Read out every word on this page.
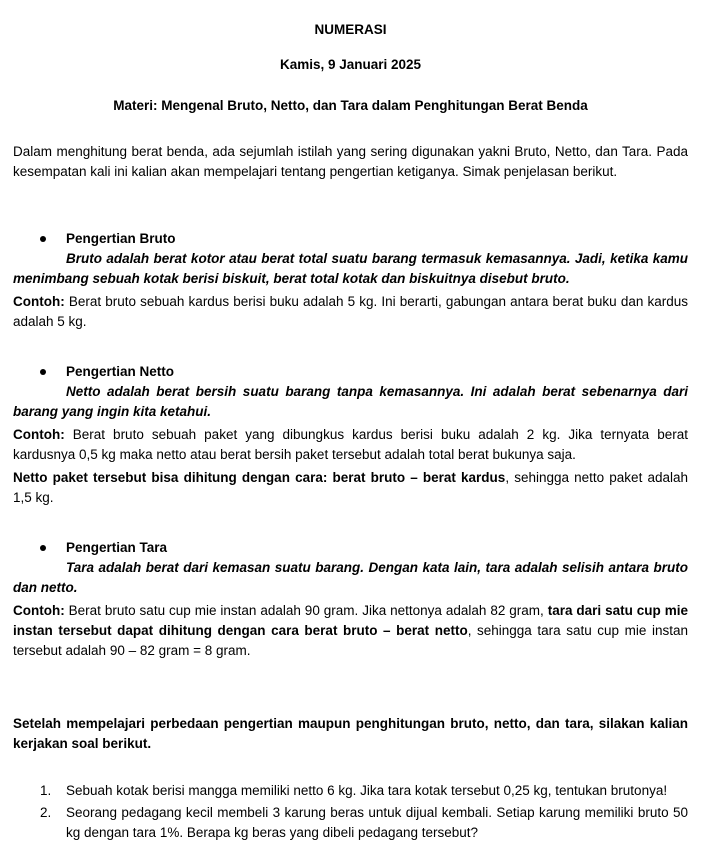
NUMERASI
Kamis, 9 Januari 2025
Materi: Mengenal Bruto, Netto, dan Tara dalam Penghitungan Berat Benda
Dalam menghitung berat benda, ada sejumlah istilah yang sering digunakan yakni Bruto, Netto, dan Tara. Pada kesempatan kali ini kalian akan mempelajari tentang pengertian ketiganya. Simak penjelasan berikut.
Pengertian Bruto
Bruto adalah berat kotor atau berat total suatu barang termasuk kemasannya. Jadi, ketika kamu menimbang sebuah kotak berisi biskuit, berat total kotak dan biskuitnya disebut bruto.
Contoh: Berat bruto sebuah kardus berisi buku adalah 5 kg. Ini berarti, gabungan antara berat buku dan kardus adalah 5 kg.
Pengertian Netto
Netto adalah berat bersih suatu barang tanpa kemasannya. Ini adalah berat sebenarnya dari barang yang ingin kita ketahui.
Contoh: Berat bruto sebuah paket yang dibungkus kardus berisi buku adalah 2 kg. Jika ternyata berat kardusnya 0,5 kg maka netto atau berat bersih paket tersebut adalah total berat bukunya saja.
Netto paket tersebut bisa dihitung dengan cara: berat bruto – berat kardus, sehingga netto paket adalah 1,5 kg.
Pengertian Tara
Tara adalah berat dari kemasan suatu barang. Dengan kata lain, tara adalah selisih antara bruto dan netto.
Contoh: Berat bruto satu cup mie instan adalah 90 gram. Jika nettonya adalah 82 gram, tara dari satu cup mie instan tersebut dapat dihitung dengan cara berat bruto – berat netto, sehingga tara satu cup mie instan tersebut adalah 90 – 82 gram = 8 gram.
Setelah mempelajari perbedaan pengertian maupun penghitungan bruto, netto, dan tara, silakan kalian kerjakan soal berikut.
1. Sebuah kotak berisi mangga memiliki netto 6 kg. Jika tara kotak tersebut 0,25 kg, tentukan brutonya!
2. Seorang pedagang kecil membeli 3 karung beras untuk dijual kembali. Setiap karung memiliki bruto 50 kg dengan tara 1%. Berapa kg beras yang dibeli pedagang tersebut?
